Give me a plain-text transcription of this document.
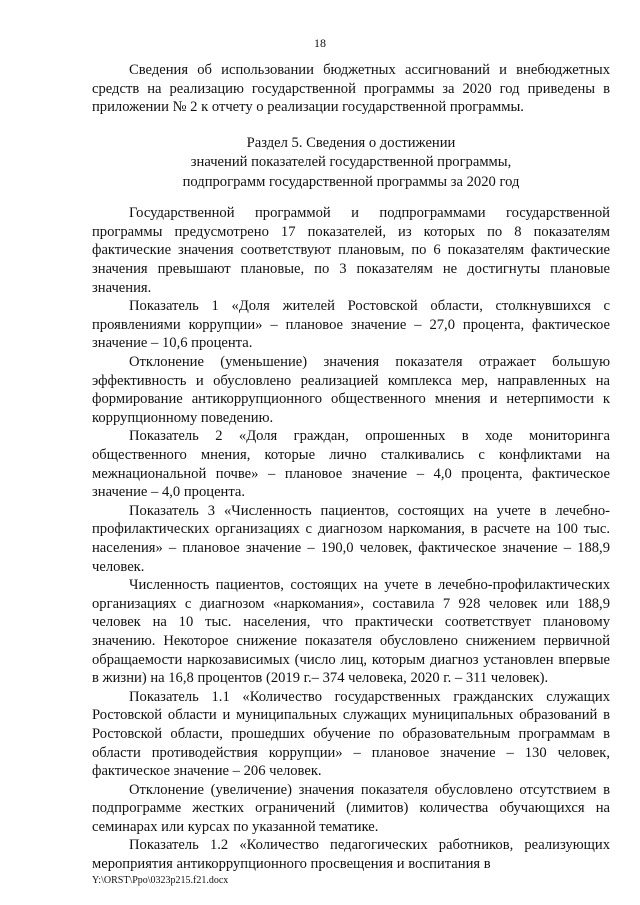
18

Сведения об использовании бюджетных ассигнований и внебюджетных средств на реализацию государственной программы за 2020 год приведены в приложении № 2 к отчету о реализации государственной программы.

Раздел 5. Сведения о достижении
значений показателей государственной программы,
подпрограмм государственной программы за 2020 год

Государственной программой и подпрограммами государственной программы предусмотрено 17 показателей, из которых по 8 показателям фактические значения соответствуют плановым, по 6 показателям фактические значения превышают плановые, по 3 показателям не достигнуты плановые значения.

Показатель 1 «Доля жителей Ростовской области, столкнувшихся с проявлениями коррупции» – плановое значение – 27,0 процента, фактическое значение – 10,6 процента.

Отклонение (уменьшение) значения показателя отражает большую эффективность и обусловлено реализацией комплекса мер, направленных на формирование антикоррупционного общественного мнения и нетерпимости к коррупционному поведению.

Показатель 2 «Доля граждан, опрошенных в ходе мониторинга общественного мнения, которые лично сталкивались с конфликтами на межнациональной почве» – плановое значение – 4,0 процента, фактическое значение – 4,0 процента.

Показатель 3 «Численность пациентов, состоящих на учете в лечебно-профилактических организациях с диагнозом наркомания, в расчете на 100 тыс. населения» – плановое значение – 190,0 человек, фактическое значение – 188,9 человек.

Численность пациентов, состоящих на учете в лечебно-профилактических организациях с диагнозом «наркомания», составила 7 928 человек или 188,9 человек на 10 тыс. населения, что практически соответствует плановому значению. Некоторое снижение показателя обусловлено снижением первичной обращаемости наркозависимых (число лиц, которым диагноз установлен впервые в жизни) на 16,8 процентов (2019 г.– 374 человека, 2020 г. – 311 человек).

Показатель 1.1 «Количество государственных гражданских служащих Ростовской области и муниципальных служащих муниципальных образований в Ростовской области, прошедших обучение по образовательным программам в области противодействия коррупции» – плановое значение – 130 человек, фактическое значение – 206 человек.

Отклонение (увеличение) значения показателя обусловлено отсутствием в подпрограмме жестких ограничений (лимитов) количества обучающихся на семинарах или курсах по указанной тематике.

Показатель 1.2 «Количество педагогических работников, реализующих мероприятия антикоррупционного просвещения и воспитания в

Y:\ORST\Ppo\0323p215.f21.docx
